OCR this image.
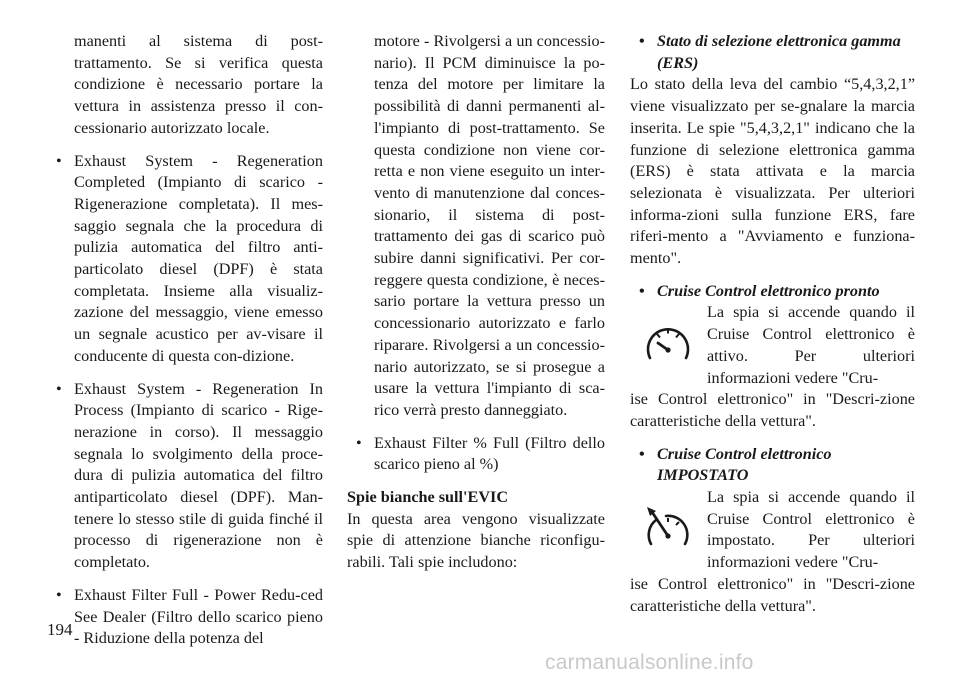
manenti al sistema di post-trattamento. Se si verifica questa condizione è necessario portare la vettura in assistenza presso il con-cessionario autorizzato locale.

• Exhaust System - Regeneration Completed (Impianto di scarico - Rigenerazione completata). Il mes-saggio segnala che la procedura di pulizia automatica del filtro anti-particolato diesel (DPF) è stata completata. Insieme alla visualiz-zazione del messaggio, viene emesso un segnale acustico per av-visare il conducente di questa con-dizione.
• Exhaust System - Regeneration In Process (Impianto di scarico - Rige-nerazione in corso). Il messaggio segnala lo svolgimento della proce-dura di pulizia automatica del filtro antiparticolato diesel (DPF). Man-tenere lo stesso stile di guida finché il processo di rigenerazione non è completato.
• Exhaust Filter Full - Power Redu-ced See Dealer (Filtro dello scarico pieno - Riduzione della potenza del

motore - Rivolgersi a un concessio-nario). Il PCM diminuisce la po-tenza del motore per limitare la possibilità di danni permanenti al-l'impianto di post-trattamento. Se questa condizione non viene cor-retta e non viene eseguito un inter-vento di manutenzione dal conces-sionario, il sistema di post-trattamento dei gas di scarico può subire danni significativi. Per cor-reggere questa condizione, è neces-sario portare la vettura presso un concessionario autorizzato e farlo riparare. Rivolgersi a un concessio-nario autorizzato, se si prosegue a usare la vettura l'impianto di sca-rico verrà presto danneggiato.

• Exhaust Filter % Full (Filtro dello scarico pieno al %)
Spie bianche sull'EVIC

In questa area vengono visualizzate spie di attenzione bianche riconfigu-rabili. Tali spie includono:

• Stato di selezione elettronica gamma (ERS)

Lo stato della leva del cambio “5,4,3,2,1” viene visualizzato per se-gnalare la marcia inserita. Le spie "5,4,3,2,1" indicano che la funzione di selezione elettronica gamma (ERS) è stata attivata e la marcia selezionata è visualizzata. Per ulteriori informa-zioni sulla funzione ERS, fare riferi-mento a "Avviamento e funziona-mento".

• Cruise Control elettronico pronto
La spia si accende quando il Cruise Control elettronico è attivo. Per ulteriori informazioni vedere "Cru-

ise Control elettronico" in "Descri-zione caratteristiche della vettura".

• Cruise Control elettronico IMPOSTATO
La spia si accende quando il Cruise Control elettronico è impostato. Per ulteriori informazioni vedere "Cru-

ise Control elettronico" in "Descri-zione caratteristiche della vettura".

194
carmanualsonline.info
